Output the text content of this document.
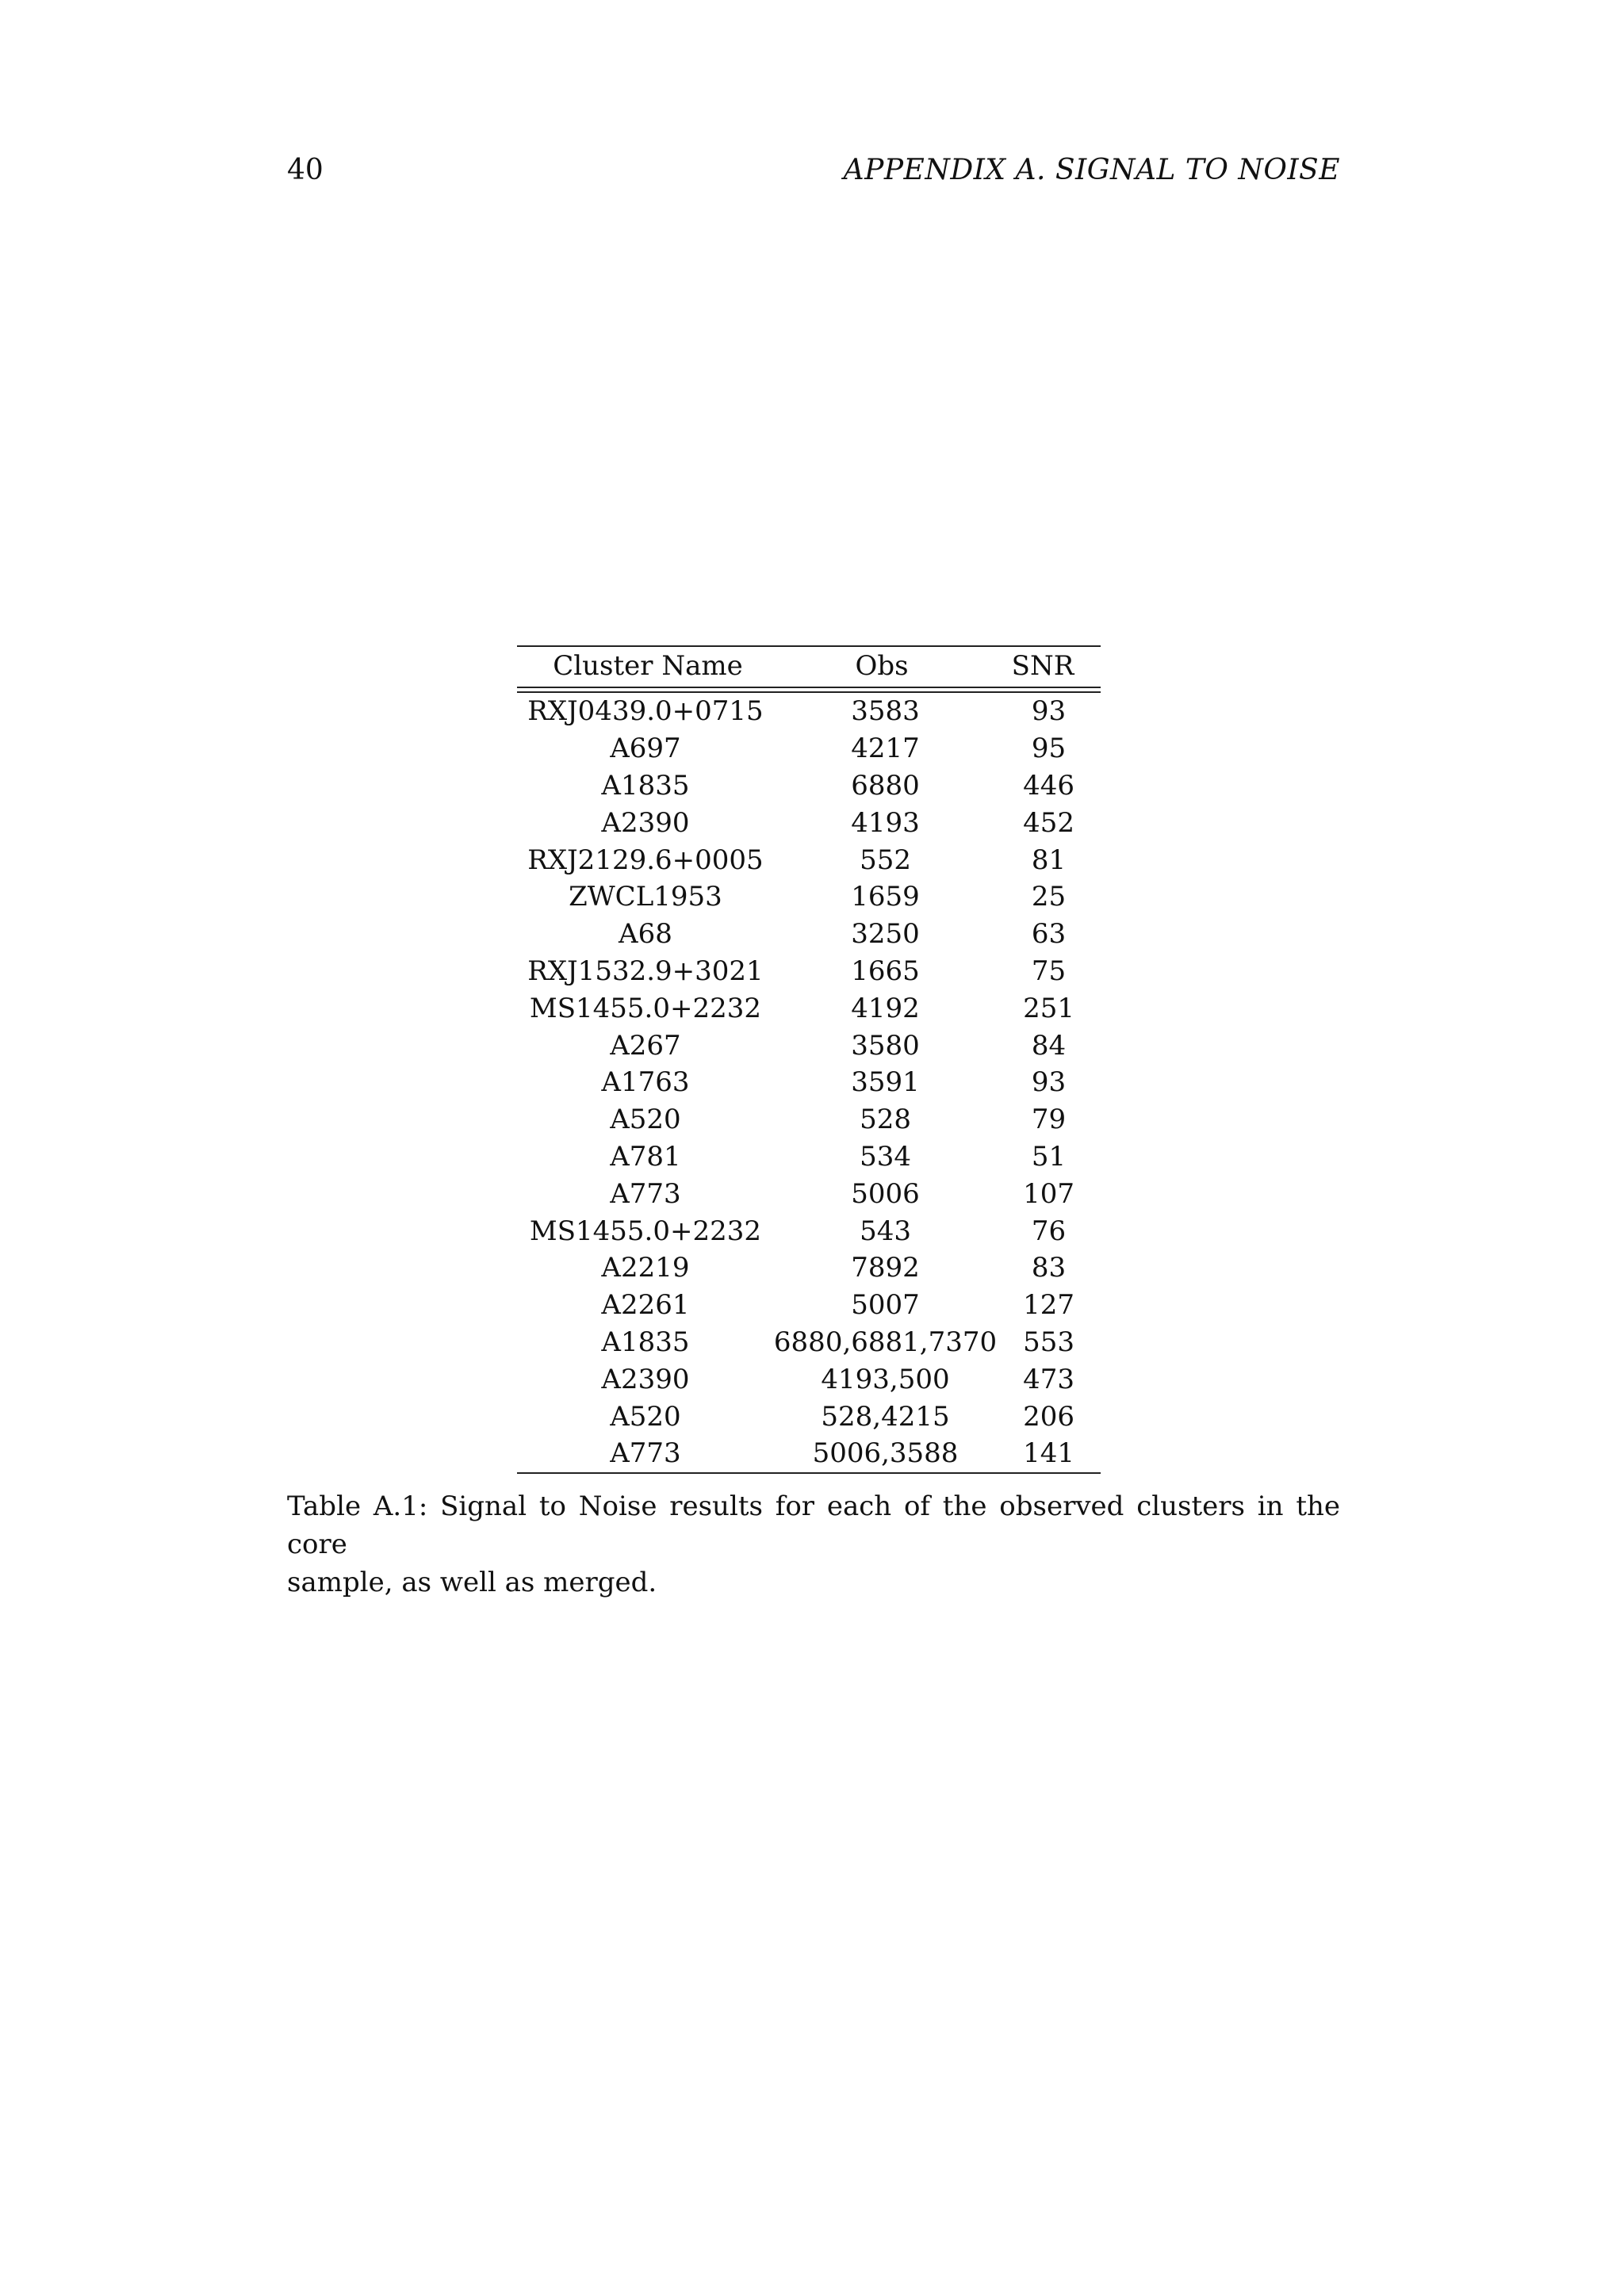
40	APPENDIX A. SIGNAL TO NOISE
Cluster Name	Obs	SNR
RXJ0439.0+0715	3583	93
A697	4217	95
A1835	6880	446
A2390	4193	452
RXJ2129.6+0005	552	81
ZWCL1953	1659	25
A68	3250	63
RXJ1532.9+3021	1665	75
MS1455.0+2232	4192	251
A267	3580	84
A1763	3591	93
A520	528	79
A781	534	51
A773	5006	107
MS1455.0+2232	543	76
A2219	7892	83
A2261	5007	127
A1835	6880,6881,7370	553
A2390	4193,500	473
A520	528,4215	206
A773	5006,3588	141
Table A.1: Signal to Noise results for each of the observed clusters in the core
sample, as well as merged.
